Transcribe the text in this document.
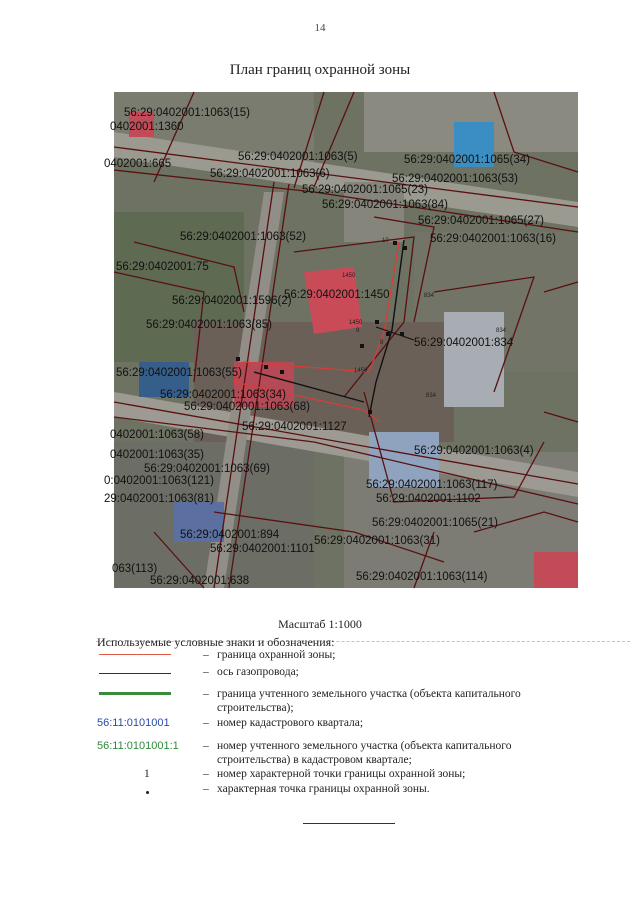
14
План границ охранной зоны
10
1450
834
834
834
1450
1450
9
8
56:29:0402001:1063(15)
0402001:1360
0402001:665
56:29:0402001:1063(5)
56:29:0402001:1063(6)
56:29:0402001:1065(34)
56:29:0402001:1063(53)
56:29:0402001:1065(23)
56:29:0402001:1063(84)
56:29:0402001:1065(27)
56:29:0402001:1063(52)	56:29:0402001:1063(16)
56:29:0402001:75
56:29:0402001:1450
56:29:0402001:1596(2)
56:29:0402001:1063(85)
56:29:0402001:834
56:29:0402001:1063(55)
56:29:0402001:1063(34)
56:29:0402001:1063(68)
56:29:0402001:1127
0402001:1063(58)
0402001:1063(35)
56:29:0402001:1063(69)
56:29:0402001:1063(4)
56:29:0402001:1063(117)
0:0402001:1063(121)
56:29:0402001:1102
29:0402001:1063(81)
56:29:0402001:1065(21)
56:29:0402001:894
56:29:0402001:1101
56:29:0402001:1063(31)
063(113)
56:29:0402001:638	56:29:0402001:1063(114)
Масштаб 1:1000
Используемые условные знаки и обозначения:
– граница охранной зоны;
– ось газопровода;
– граница учтенного земельного участка (объекта капитального строительства);
56:11:0101001	– номер кадастрового квартала;
56:11:0101001:1	– номер учтенного земельного участка (объекта капитального строительства) в кадастровом квартале;
1	– номер характерной точки границы охранной зоны;
– характерная точка границы охранной зоны.
